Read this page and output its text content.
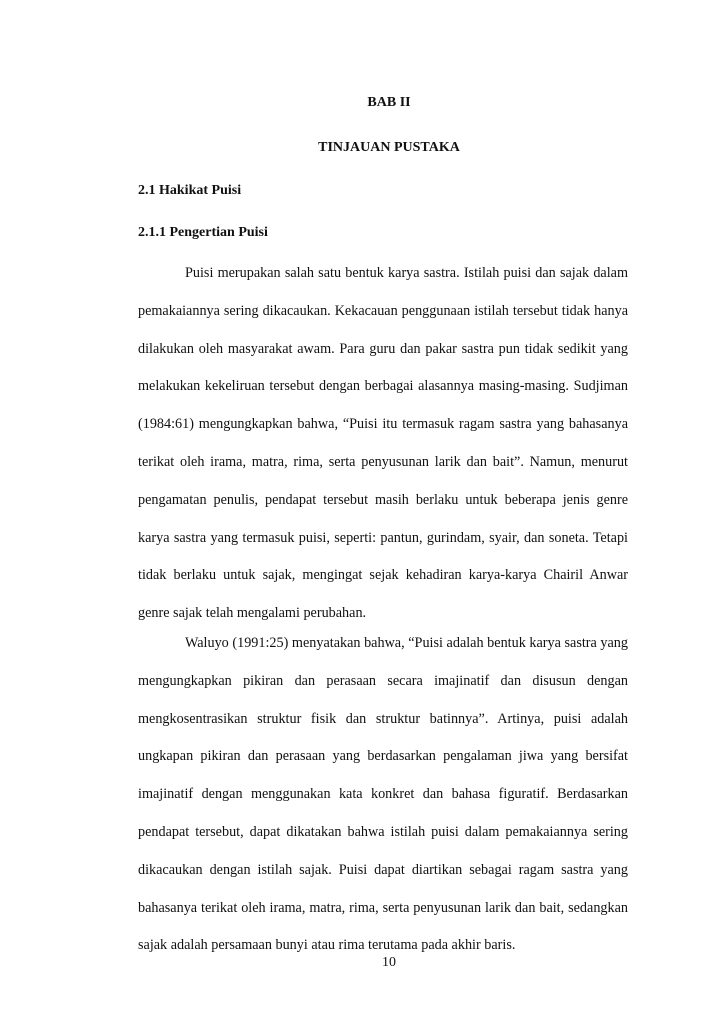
BAB II
TINJAUAN PUSTAKA
2.1 Hakikat Puisi
2.1.1 Pengertian Puisi

Puisi merupakan salah satu bentuk karya sastra. Istilah puisi dan sajak dalam pemakaiannya sering dikacaukan. Kekacauan penggunaan istilah tersebut tidak hanya dilakukan oleh masyarakat awam. Para guru dan pakar sastra pun tidak sedikit yang melakukan kekeliruan tersebut dengan berbagai alasannya masing-masing. Sudjiman (1984:61) mengungkapkan bahwa, “Puisi itu termasuk ragam sastra yang bahasanya terikat oleh irama, matra, rima, serta penyusunan larik dan bait”. Namun, menurut pengamatan penulis, pendapat tersebut masih berlaku untuk beberapa jenis genre karya sastra yang termasuk puisi, seperti: pantun, gurindam, syair, dan soneta. Tetapi tidak berlaku untuk sajak, mengingat sejak kehadiran karya-karya Chairil Anwar genre sajak telah mengalami perubahan.

Waluyo (1991:25) menyatakan bahwa, “Puisi adalah bentuk karya sastra yang mengungkapkan pikiran dan perasaan secara imajinatif dan disusun dengan mengkosentrasikan struktur fisik dan struktur batinnya”. Artinya, puisi adalah ungkapan pikiran dan perasaan yang berdasarkan pengalaman jiwa yang bersifat imajinatif dengan menggunakan kata konkret dan bahasa figuratif. Berdasarkan pendapat tersebut, dapat dikatakan bahwa istilah puisi dalam pemakaiannya sering dikacaukan dengan istilah sajak. Puisi dapat diartikan sebagai ragam sastra yang bahasanya terikat oleh irama, matra, rima, serta penyusunan larik dan bait, sedangkan sajak adalah persamaan bunyi atau rima terutama pada akhir baris.

10
